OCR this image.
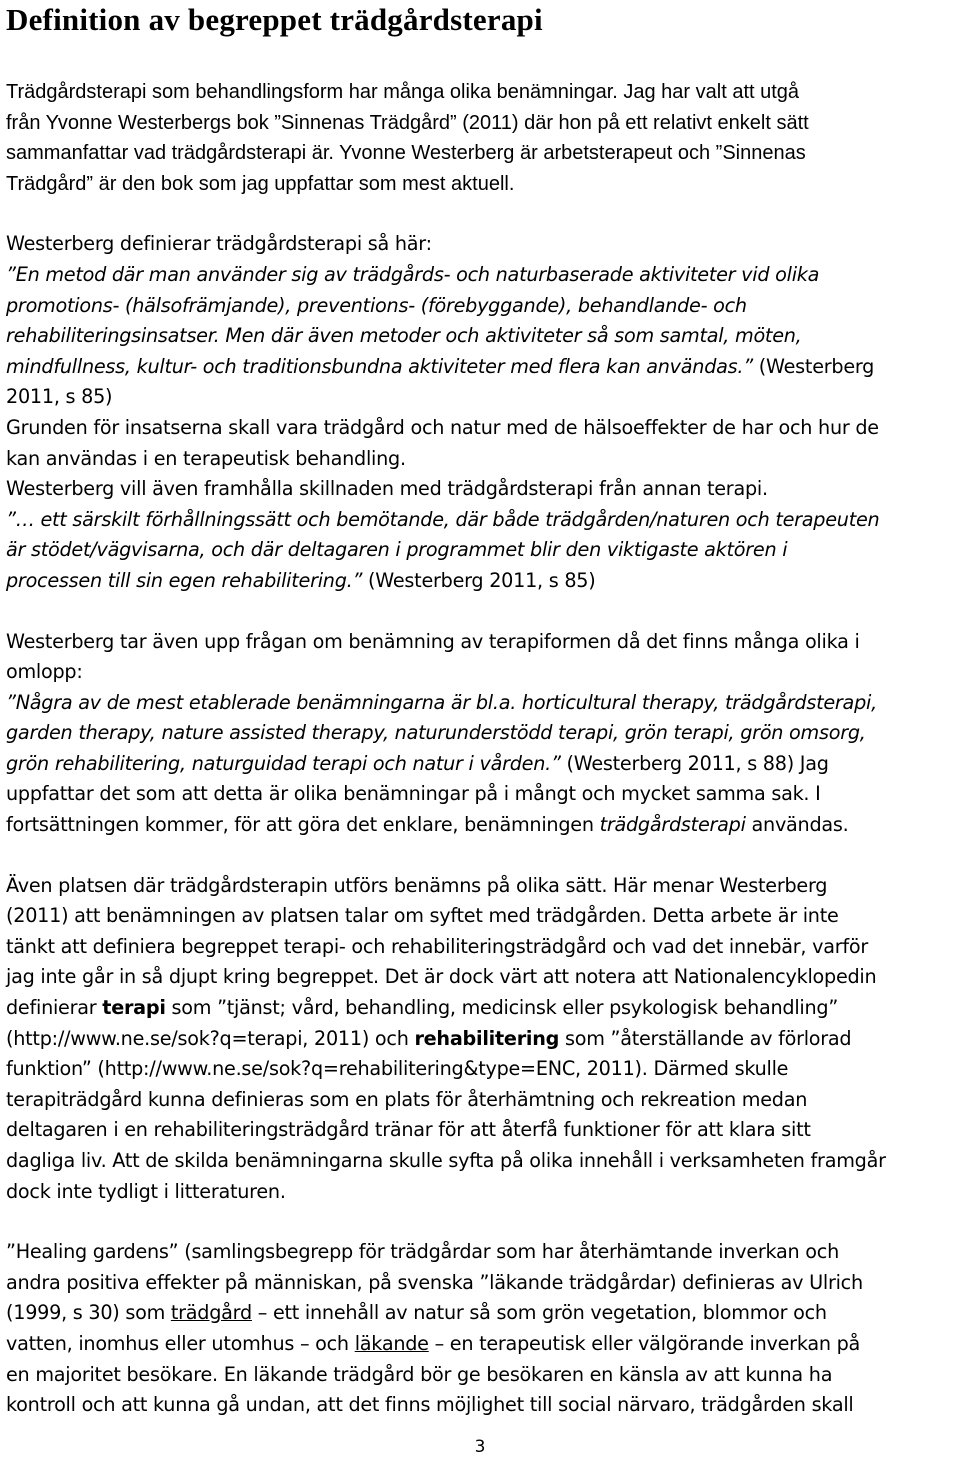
Definition av begreppet trädgårdsterapi

Trädgårdsterapi som behandlingsform har många olika benämningar. Jag har valt att utgå
från Yvonne Westerbergs bok ”Sinnenas Trädgård” (2011) där hon på ett relativt enkelt sätt
sammanfattar vad trädgårdsterapi är. Yvonne Westerberg är arbetsterapeut och ”Sinnenas
Trädgård” är den bok som jag uppfattar som mest aktuell.

Westerberg definierar trädgårdsterapi så här:
”En metod där man använder sig av trädgårds- och naturbaserade aktiviteter vid olika
promotions- (hälsofrämjande), preventions- (förebyggande), behandlande- och
rehabiliteringsinsatser. Men där även metoder och aktiviteter så som samtal, möten,
mindfullness, kultur- och traditionsbundna aktiviteter med flera kan användas.” (Westerberg
2011, s 85)
Grunden för insatserna skall vara trädgård och natur med de hälsoeffekter de har och hur de
kan användas i en terapeutisk behandling.
Westerberg vill även framhålla skillnaden med trädgårdsterapi från annan terapi.
”… ett särskilt förhållningssätt och bemötande, där både trädgården/naturen och terapeuten
är stödet/vägvisarna, och där deltagaren i programmet blir den viktigaste aktören i
processen till sin egen rehabilitering.” (Westerberg 2011, s 85)

Westerberg tar även upp frågan om benämning av terapiformen då det finns många olika i
omlopp:
”Några av de mest etablerade benämningarna är bl.a. horticultural therapy, trädgårdsterapi,
garden therapy, nature assisted therapy, naturunderstödd terapi, grön terapi, grön omsorg,
grön rehabilitering, naturguidad terapi och natur i vården.” (Westerberg 2011, s 88) Jag
uppfattar det som att detta är olika benämningar på i mångt och mycket samma sak. I
fortsättningen kommer, för att göra det enklare, benämningen trädgårdsterapi användas.

Även platsen där trädgårdsterapin utförs benämns på olika sätt. Här menar Westerberg
(2011) att benämningen av platsen talar om syftet med trädgården. Detta arbete är inte
tänkt att definiera begreppet terapi- och rehabiliteringsträdgård och vad det innebär, varför
jag inte går in så djupt kring begreppet. Det är dock värt att notera att Nationalencyklopedin
definierar terapi som ”tjänst; vård, behandling, medicinsk eller psykologisk behandling”
(http://www.ne.se/sok?q=terapi, 2011) och rehabilitering som ”återställande av förlorad
funktion” (http://www.ne.se/sok?q=rehabilitering&type=ENC, 2011). Därmed skulle
terapiträdgård kunna definieras som en plats för återhämtning och rekreation medan
deltagaren i en rehabiliteringsträdgård tränar för att återfå funktioner för att klara sitt
dagliga liv. Att de skilda benämningarna skulle syfta på olika innehåll i verksamheten framgår
dock inte tydligt i litteraturen.

”Healing gardens” (samlingsbegrepp för trädgårdar som har återhämtande inverkan och
andra positiva effekter på människan, på svenska ”läkande trädgårdar) definieras av Ulrich
(1999, s 30) som trädgård – ett innehåll av natur så som grön vegetation, blommor och
vatten, inomhus eller utomhus – och läkande – en terapeutisk eller välgörande inverkan på
en majoritet besökare. En läkande trädgård bör ge besökaren en känsla av att kunna ha
kontroll och att kunna gå undan, att det finns möjlighet till social närvaro, trädgården skall

3
